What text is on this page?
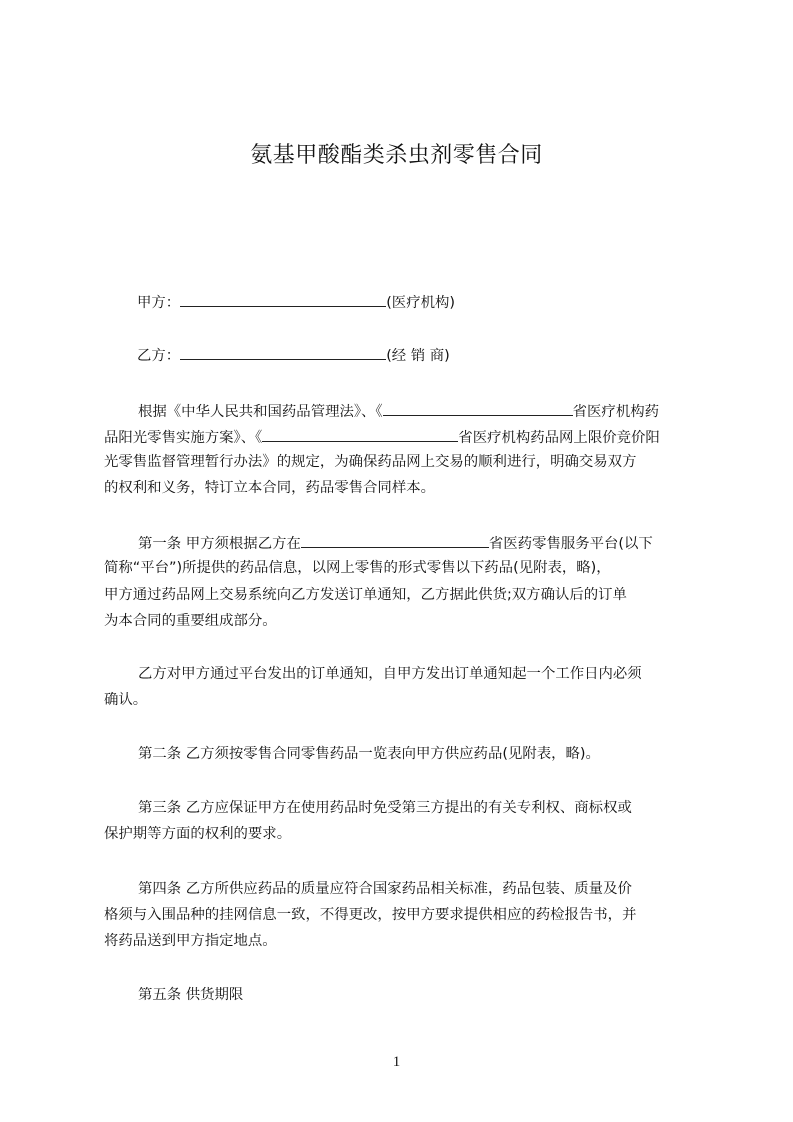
氨基甲酸酯类杀虫剂零售合同
甲方：	(医疗机构)
乙方：	(经 销 商)
根据《中华人民共和国药品管理法》、《	省医疗机构药
品阳光零售实施方案》、《	省医疗机构药品网上限价竞价阳
光零售监督管理暂行办法》的规定，为确保药品网上交易的顺利进行，明确交易双方
的权利和义务，特订立本合同，药品零售合同样本。
第一条 甲方须根据乙方在	省医药零售服务平台(以下
简称“平台”)所提供的药品信息，以网上零售的形式零售以下药品(见附表，略)，
甲方通过药品网上交易系统向乙方发送订单通知，乙方据此供货;双方确认后的订单
为本合同的重要组成部分。
乙方对甲方通过平台发出的订单通知，自甲方发出订单通知起一个工作日内必须
确认。
第二条 乙方须按零售合同零售药品一览表向甲方供应药品(见附表，略)。
第三条 乙方应保证甲方在使用药品时免受第三方提出的有关专利权、商标权或
保护期等方面的权利的要求。
第四条 乙方所供应药品的质量应符合国家药品相关标准，药品包装、质量及价
格须与入围品种的挂网信息一致，不得更改，按甲方要求提供相应的药检报告书，并
将药品送到甲方指定地点。
第五条 供货期限
1
